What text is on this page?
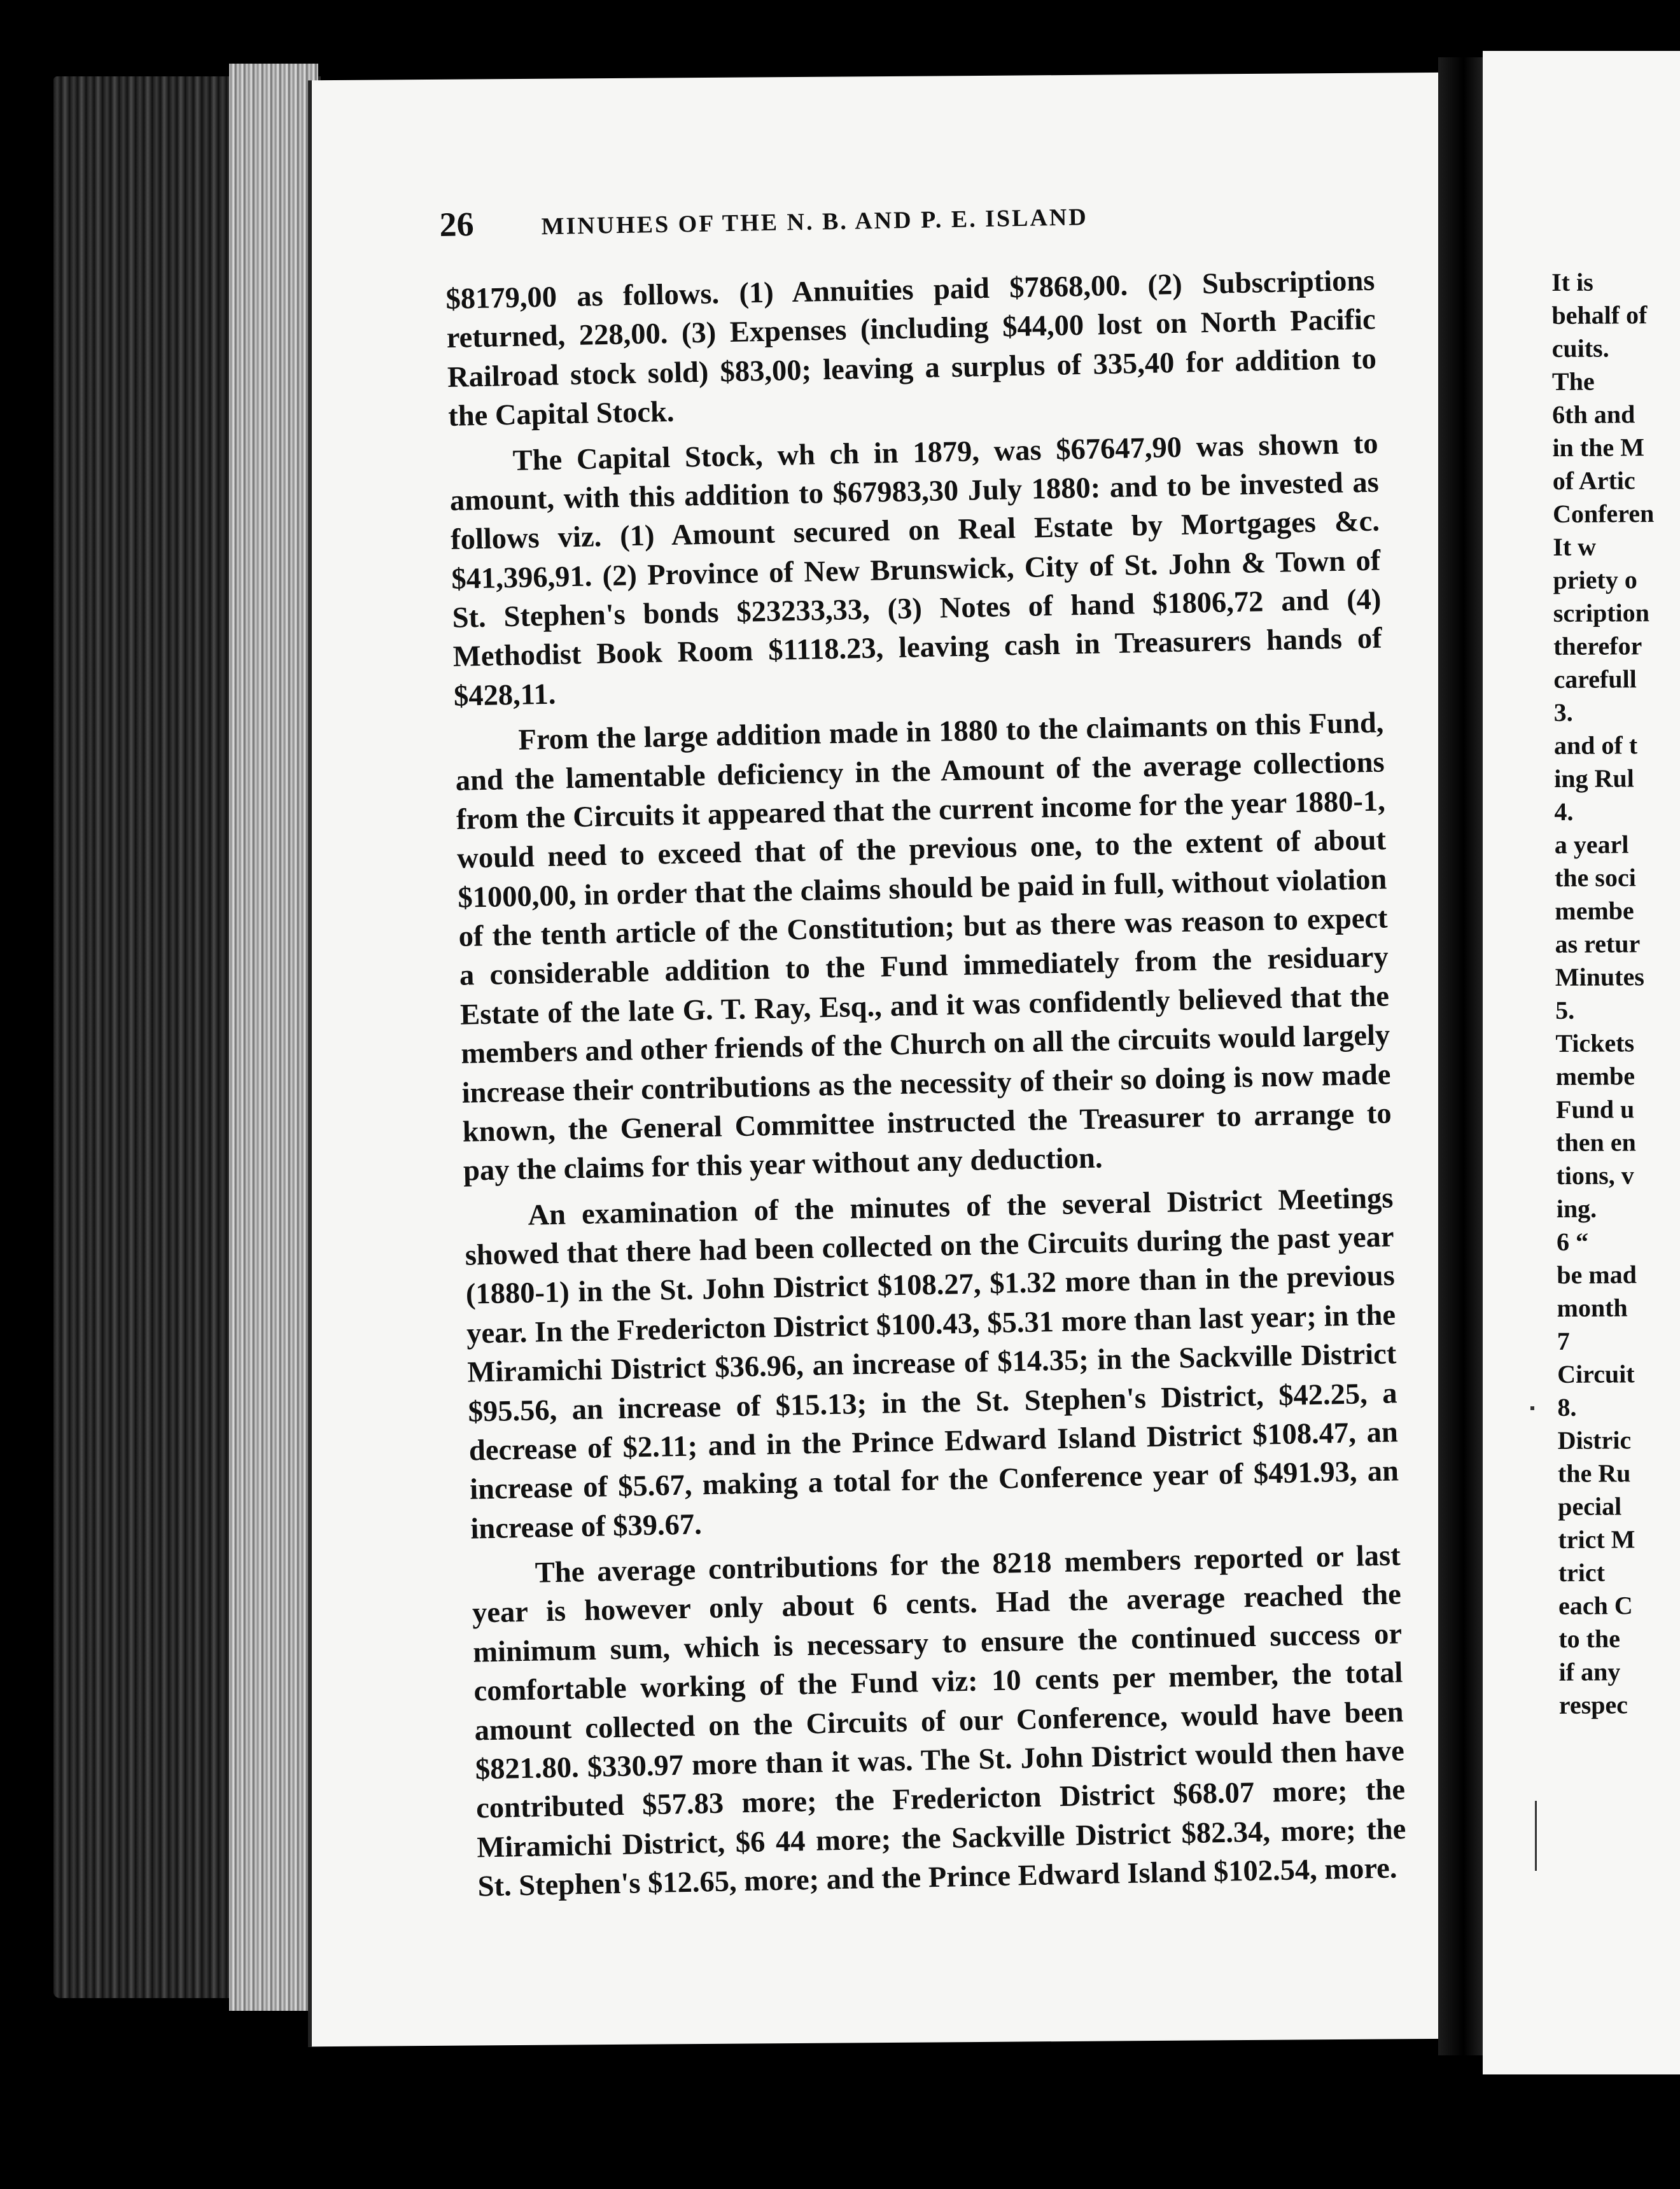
26	MINUHES OF THE N. B. AND P. E. ISLAND

$8179,00 as follows. (1) Annuities paid $7868,00. (2) Subscriptions returned, 228,00. (3) Expenses (including $44,00 lost on North Pacific Railroad stock sold) $83,00; leaving a surplus of 335,40 for addition to the Capital Stock.

The Capital Stock, wh ch in 1879, was $67647,90 was shown to amount, with this addition to $67983,30 July 1880: and to be invested as follows viz. (1) Amount secured on Real Estate by Mortgages &c. $41,396,91. (2) Province of New Brunswick, City of St. John & Town of St. Stephen's bonds $23233,33, (3) Notes of hand $1806,72 and (4) Methodist Book Room $1118.23, leaving cash in Treasurers hands of $428,11.

From the large addition made in 1880 to the claimants on this Fund, and the lamentable deficiency in the Amount of the average collections from the Circuits it appeared that the current income for the year 1880-1, would need to exceed that of the previous one, to the extent of about $1000,00, in order that the claims should be paid in full, without violation of the tenth article of the Constitution; but as there was reason to expect a considerable addition to the Fund immediately from the residuary Estate of the late G. T. Ray, Esq., and it was confidently believed that the members and other friends of the Church on all the circuits would largely increase their contributions as the necessity of their so doing is now made known, the General Committee instructed the Treasurer to arrange to pay the claims for this year without any deduction.

An examination of the minutes of the several District Meetings showed that there had been collected on the Circuits during the past year (1880-1) in the St. John District $108.27, $1.32 more than in the previous year. In the Fredericton District $100.43, $5.31 more than last year; in the Miramichi District $36.96, an increase of $14.35; in the Sackville District $95.56, an increase of $15.13; in the St. Stephen's District, $42.25, a decrease of $2.11; and in the Prince Edward Island District $108.47, an increase of $5.67, making a total for the Conference year of $491.93, an increase of $39.67.

The average contributions for the 8218 members reported or last year is however only about 6 cents. Had the average reached the minimum sum, which is necessary to ensure the continued success or comfortable working of the Fund viz: 10 cents per member, the total amount collected on the Circuits of our Conference, would have been $821.80. $330.97 more than it was. The St. John District would then have contributed $57.83 more; the Fredericton District $68.07 more; the Miramichi District, $6 44 more; the Sackville District $82.34, more; the St. Stephen's $12.65, more; and the Prince Edward Island $102.54, more.

It is
behalf of
cuits.
The
6th and
in the M
of Artic
Conferen
It w
priety o
scription
therefor
carefull
3.
and of t
ing Rul
4.
a yearl
the soci
membe
as retur
Minutes
5.
Tickets
membe
Fund u
then en
tions, v
ing.
6 “
be mad
month
7
Circuit
8.
Distric
the Ru
pecial
trict M
trict
each C
to the
if any
respec
